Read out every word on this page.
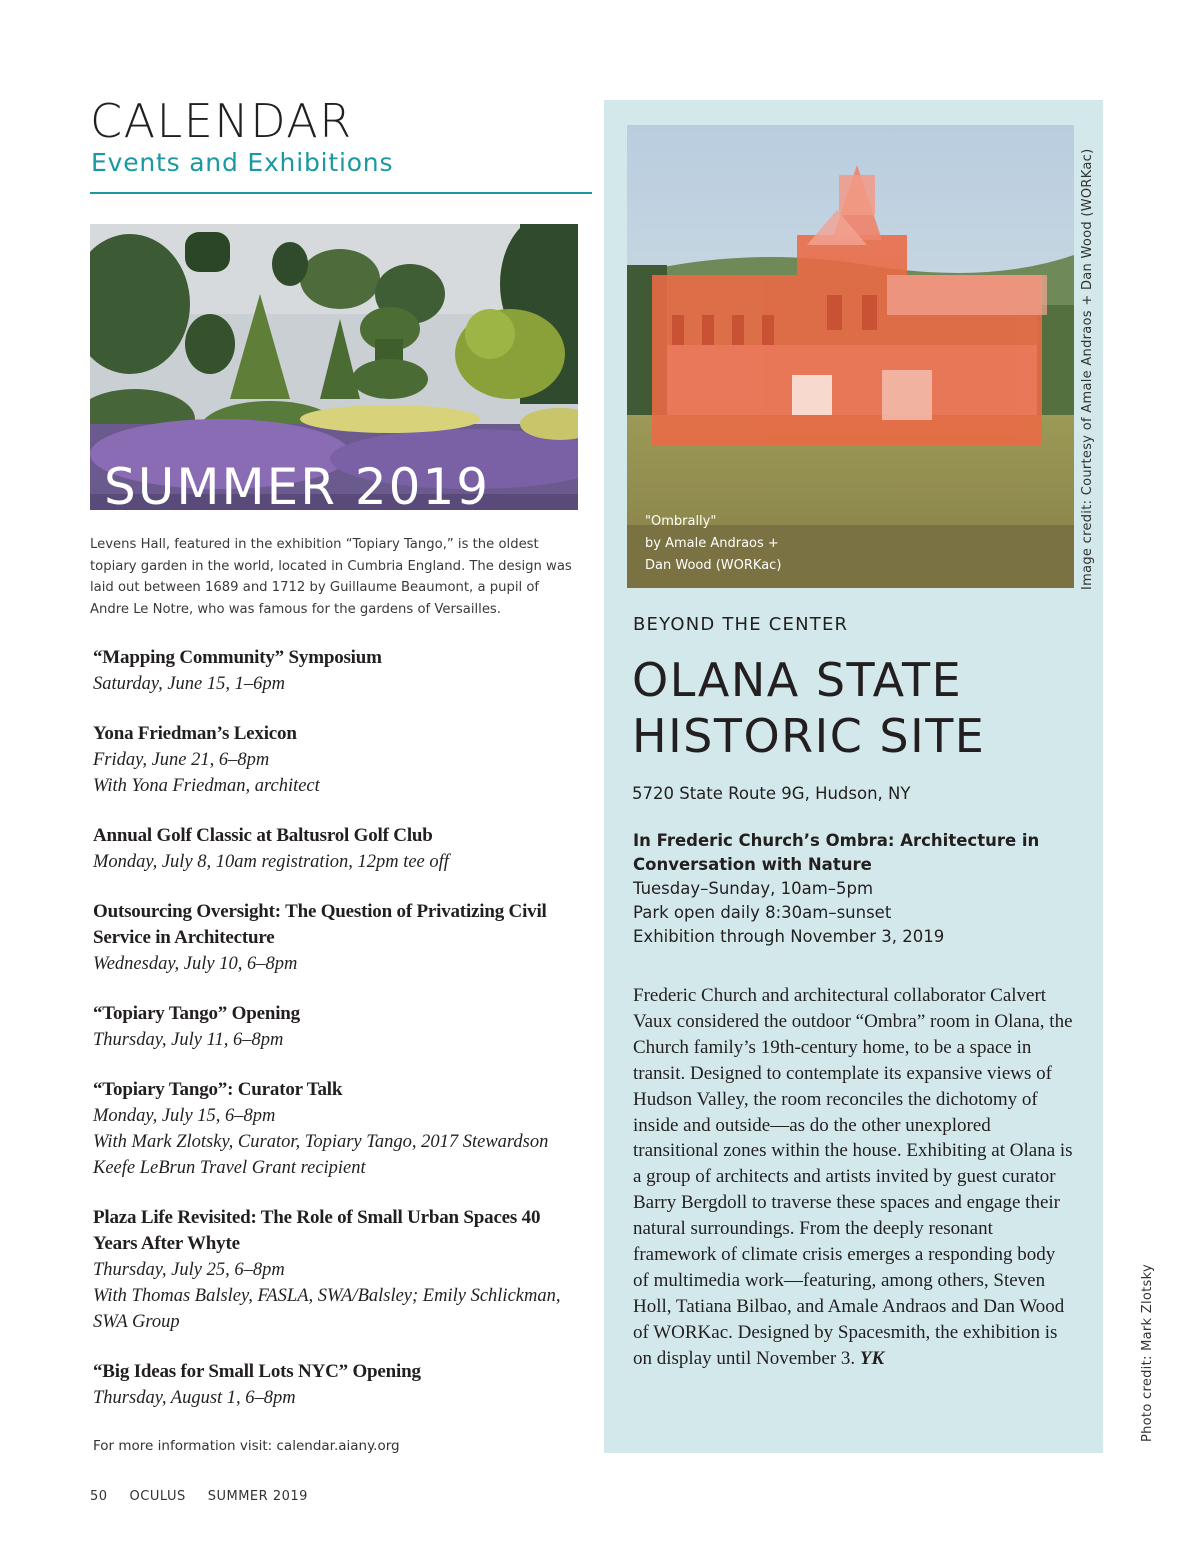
CALENDAR
Events and Exhibitions
SUMMER 2019
Levens Hall, featured in the exhibition “Topiary Tango,” is the oldest topiary garden in the world, located in Cumbria England. The design was laid out between 1689 and 1712 by Guillaume Beaumont, a pupil of Andre Le Notre, who was famous for the gardens of Versailles.
“Mapping Community” Symposium
Saturday, June 15, 1–6pm
Yona Friedman’s Lexicon
Friday, June 21, 6–8pm
With Yona Friedman, architect
Annual Golf Classic at Baltusrol Golf Club
Monday, July 8, 10am registration, 12pm tee off
Outsourcing Oversight: The Question of Privatizing Civil Service in Architecture
Wednesday, July 10, 6–8pm
“Topiary Tango” Opening
Thursday, July 11, 6–8pm
“Topiary Tango”: Curator Talk
Monday, July 15, 6–8pm
With Mark Zlotsky, Curator, Topiary Tango, 2017 Stewardson Keefe LeBrun Travel Grant recipient
Plaza Life Revisited: The Role of Small Urban Spaces 40 Years After Whyte
Thursday, July 25, 6–8pm
With Thomas Balsley, FASLA, SWA/Balsley; Emily Schlickman, SWA Group
“Big Ideas for Small Lots NYC” Opening
Thursday, August 1, 6–8pm
For more information visit: calendar.aiany.org
50 OCULUS SUMMER 2019
"Ombrally"
by Amale Andraos +
Dan Wood (WORKac)	Image credit: Courtesy of Amale Andraos + Dan Wood (WORKac)
BEYOND THE CENTER
OLANA STATE
HISTORIC SITE
5720 State Route 9G, Hudson, NY
In Frederic Church’s Ombra: Architecture in Conversation with Nature
Tuesday–Sunday, 10am–5pm
Park open daily 8:30am–sunset
Exhibition through November 3, 2019
Frederic Church and architectural collaborator Calvert Vaux considered the outdoor “Ombra” room in Olana, the Church family’s 19th-century home, to be a space in transit. Designed to contemplate its expansive views of Hudson Valley, the room reconciles the dichotomy of inside and outside—as do the other unexplored transitional zones within the house. Exhibiting at Olana is a group of architects and artists invited by guest curator Barry Bergdoll to traverse these spaces and engage their natural surroundings. From the deeply resonant framework of climate crisis emerges a responding body of multimedia work—featuring, among others, Steven Holl, Tatiana Bilbao, and Amale Andraos and Dan Wood of WORKac. Designed by Spacesmith, the exhibition is on display until November 3. YK	Photo credit: Mark Zlotsky
